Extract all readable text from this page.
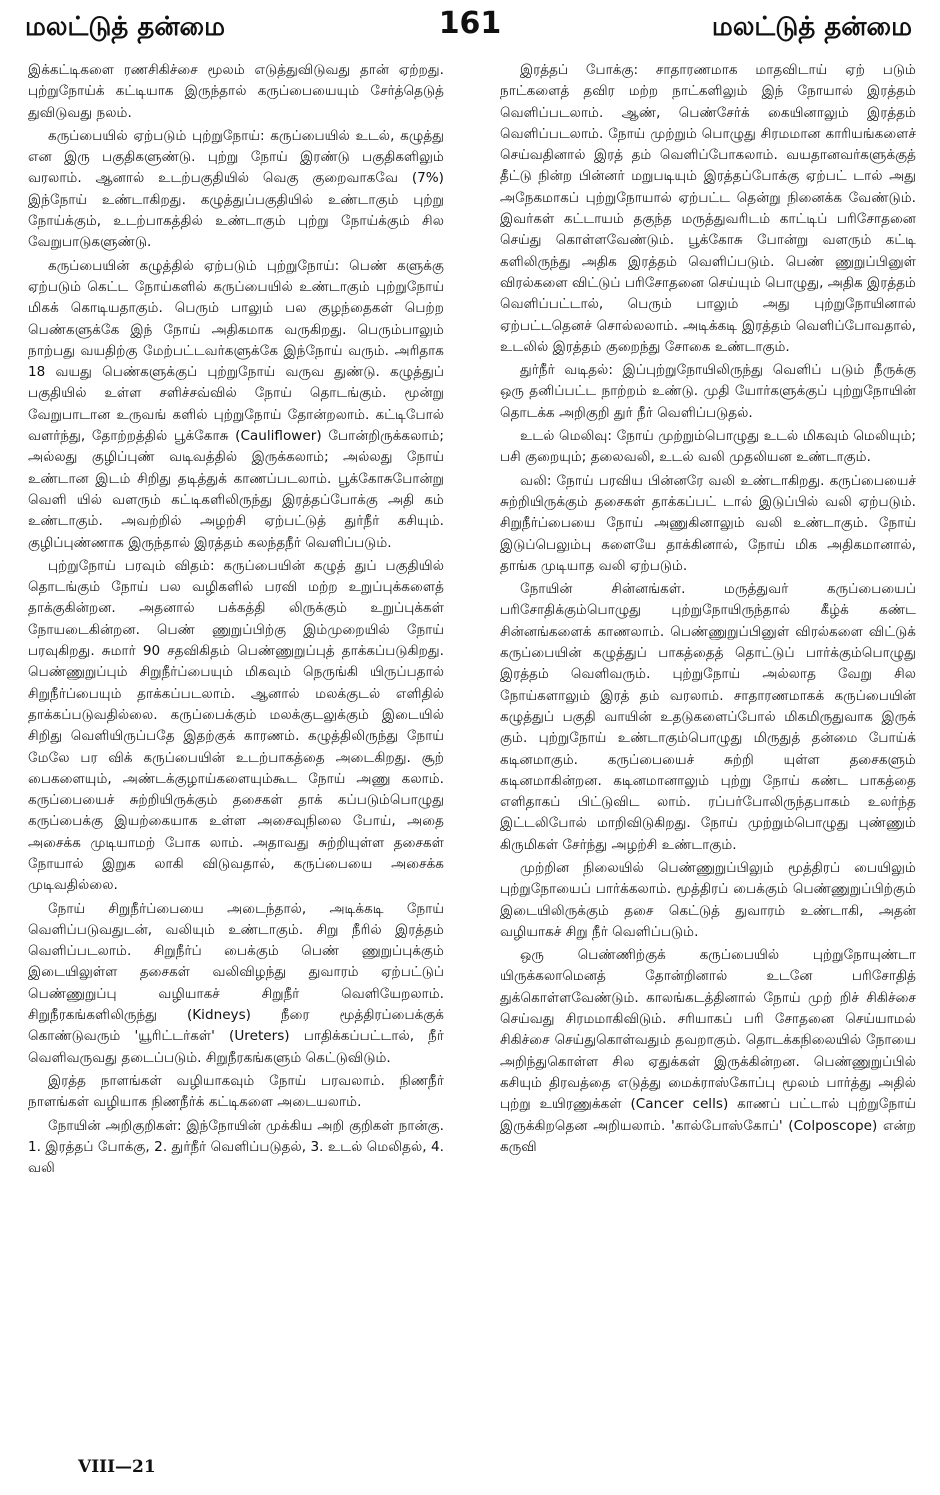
மலட்டுத் தன்மை	161	மலட்டுத் தன்மை

இக்கட்டிகளை ரணசிகிச்சை மூலம் எடுத்துவிடுவது தான் ஏற்றது. புற்றுநோய்க் கட்டியாக இருந்தால் கருப்பையையும் சேர்த்தெடுத் துவிடுவது நலம்.

கருப்பையில் ஏற்படும் புற்றுநோய்: கருப்பையில் உடல், கழுத்து என இரு பகுதிகளுண்டு. புற்று நோய் இரண்டு பகுதிகளிலும் வரலாம். ஆனால் உடற்பகுதியில் வெகு குறைவாகவே (7%) இந்நோய் உண்டாகிறது. கழுத்துப்பகுதியில் உண்டாகும் புற்று நோய்க்கும், உடற்பாகத்தில் உண்டாகும் புற்று நோய்க்கும் சில வேறுபாடுகளுண்டு.

கருப்பையின் கழுத்தில் ஏற்படும் புற்றுநோய்: பெண் களுக்கு ஏற்படும் கெட்ட நோய்களில் கருப்பையில் உண்டாகும் புற்றுநோய் மிகக் கொடியதாகும். பெரும் பாலும் பல குழந்தைகள் பெற்ற பெண்களுக்கே இந் நோய் அதிகமாக வருகிறது. பெரும்பாலும் நாற்பது வயதிற்கு மேற்பட்டவர்களுக்கே இந்நோய் வரும். அரிதாக 18 வயது பெண்களுக்குப் புற்றுநோய் வருவ துண்டு. கழுத்துப் பகுதியில் உள்ள சளிச்சவ்வில் நோய் தொடங்கும். மூன்று வேறுபாடான உருவங் களில் புற்றுநோய் தோன்றலாம். கட்டிபோல் வளர்ந்து, தோற்றத்தில் பூக்கோசு (Cauliflower) போன்றிருக்கலாம்; அல்லது குழிப்புண் வடிவத்தில் இருக்கலாம்; அல்லது நோய் உண்டான இடம் சிறிது தடித்துக் காணப்படலாம். பூக்கோசுபோன்று வெளி யில் வளரும் கட்டிகளிலிருந்து இரத்தப்போக்கு அதி கம் உண்டாகும். அவற்றில் அழற்சி ஏற்பட்டுத் துர்நீர் கசியும். குழிப்புண்ணாக இருந்தால் இரத்தம் கலந்தநீர் வெளிப்படும்.

புற்றுநோய் பரவும் விதம்: கருப்பையின் கழுத் துப் பகுதியில் தொடங்கும் நோய் பல வழிகளில் பரவி மற்ற உறுப்புக்களைத் தாக்குகின்றன. அதனால் பக்கத்தி லிருக்கும் உறுப்புக்கள் நோயடைகின்றன. பெண் ணுறுப்பிற்கு இம்முறையில் நோய் பரவுகிறது. சுமார் 90 சதவிகிதம் பெண்ணுறுப்புத் தாக்கப்படுகிறது. பெண்ணுறுப்பும் சிறுநீர்ப்பையும் மிகவும் நெருங்கி யிருப்பதால் சிறுநீர்ப்பையும் தாக்கப்படலாம். ஆனால் மலக்குடல் எளிதில் தாக்கப்படுவதில்லை. கருப்பைக்கும் மலக்குடலுக்கும் இடையில் சிறிது வெளியிருப்பதே இதற்குக் காரணம். கழுத்திலிருந்து நோய் மேலே பர விக் கருப்பையின் உடற்பாகத்தை அடைகிறது. சூற் பைகளையும், அண்டக்குழாய்களையும்கூட நோய் அணு கலாம். கருப்பையைச் சுற்றியிருக்கும் தசைகள் தாக் கப்படும்பொழுது கருப்பைக்கு இயற்கையாக உள்ள அசைவுநிலை போய், அதை அசைக்க முடியாமற் போக லாம். அதாவது சுற்றியுள்ள தசைகள் நோயால் இறுக லாகி விடுவதால், கருப்பையை அசைக்க முடிவதில்லை.

நோய் சிறுநீர்ப்பையை அடைந்தால், அடிக்கடி நோய் வெளிப்படுவதுடன், வலியும் உண்டாகும். சிறு நீரில் இரத்தம் வெளிப்படலாம். சிறுநீர்ப் பைக்கும் பெண் ணுறுப்புக்கும் இடையிலுள்ள தசைகள் வலிவிழந்து துவாரம் ஏற்பட்டுப் பெண்ணுறுப்பு வழியாகச் சிறுநீர் வெளியேறலாம். சிறுநீரகங்களிலிருந்து (Kidneys) நீரை மூத்திரப்பைக்குக் கொண்டுவரும் 'யூரிட்டர்கள்' (Ureters) பாதிக்கப்பட்டால், நீர் வெளிவருவது தடைப்படும். சிறுநீரகங்களும் கெட்டுவிடும்.

இரத்த நாளங்கள் வழியாகவும் நோய் பரவலாம். நிணநீர் நாளங்கள் வழியாக நிணநீர்க் கட்டிகளை அடையலாம்.

நோயின் அறிகுறிகள்: இந்நோயின் முக்கிய அறி குறிகள் நான்கு. 1. இரத்தப் போக்கு, 2. துர்நீர் வெளிப்படுதல், 3. உடல் மெலிதல், 4. வலி

இரத்தப் போக்கு: சாதாரணமாக மாதவிடாய் ஏற் படும் நாட்களைத் தவிர மற்ற நாட்களிலும் இந் நோயால் இரத்தம் வெளிப்படலாம். ஆண், பெண்சேர்க் கையினாலும் இரத்தம் வெளிப்படலாம். நோய் முற்றும் பொழுது சிரமமான காரியங்களைச் செய்வதினால் இரத் தம் வெளிப்போகலாம். வயதானவர்களுக்குத் தீட்டு நின்ற பின்னர் மறுபடியும் இரத்தப்போக்கு ஏற்பட் டால் அது அநேகமாகப் புற்றுநோயால் ஏற்பட்ட தென்று நினைக்க வேண்டும். இவர்கள் கட்டாயம் தகுந்த மருத்துவரிடம் காட்டிப் பரிசோதனை செய்து கொள்ளவேண்டும். பூக்கோசு போன்று வளரும் கட்டி களிலிருந்து அதிக இரத்தம் வெளிப்படும். பெண் ணுறுப்பினுள் விரல்களை விட்டுப் பரிசோதனை செய்யும் பொழுது, அதிக இரத்தம் வெளிப்பட்டால், பெரும் பாலும் அது புற்றுநோயினால் ஏற்பட்டதெனச் சொல்லலாம். அடிக்கடி இரத்தம் வெளிப்போவதால், உடலில் இரத்தம் குறைந்து சோகை உண்டாகும்.

துர்நீர் வடிதல்: இப்புற்றுநோயிலிருந்து வெளிப் படும் நீருக்கு ஒரு தனிப்பட்ட நாற்றம் உண்டு. முதி யோர்களுக்குப் புற்றுநோயின் தொடக்க அறிகுறி துர் நீர் வெளிப்படுதல்.

உடல் மெலிவு: நோய் முற்றும்பொழுது உடல் மிகவும் மெலியும்; பசி குறையும்; தலைவலி, உடல் வலி முதலியன உண்டாகும்.

வலி: நோய் பரவிய பின்னரே வலி உண்டாகிறது. கருப்பையைச் சுற்றியிருக்கும் தசைகள் தாக்கப்பட் டால் இடுப்பில் வலி ஏற்படும். சிறுநீர்ப்பையை நோய் அணுகினாலும் வலி உண்டாகும். நோய் இடுப்பெலும்பு களையே தாக்கினால், நோய் மிக அதிகமானால், தாங்க முடியாத வலி ஏற்படும்.

நோயின் சின்னங்கள். மருத்துவர் கருப்பையைப் பரிசோதிக்கும்பொழுது புற்றுநோயிருந்தால் கீழ்க் கண்ட சின்னங்களைக் காணலாம். பெண்ணுறுப்பினுள் விரல்களை விட்டுக் கருப்பையின் கழுத்துப் பாகத்தைத் தொட்டுப் பார்க்கும்பொழுது இரத்தம் வெளிவரும். புற்றுநோய் அல்லாத வேறு சில நோய்களாலும் இரத் தம் வரலாம். சாதாரணமாகக் கருப்பையின் கழுத்துப் பகுதி வாயின் உதடுகளைப்போல் மிகமிருதுவாக இருக் கும். புற்றுநோய் உண்டாகும்பொழுது மிருதுத் தன்மை போய்க் கடினமாகும். கருப்பையைச் சுற்றி யுள்ள தசைகளும் கடினமாகின்றன. கடினமானாலும் புற்று நோய் கண்ட பாகத்தை எளிதாகப் பிட்டுவிட லாம். ரப்பர்போலிருந்தபாகம் உலர்ந்த இட்டலிபோல் மாறிவிடுகிறது. நோய் முற்றும்பொழுது புண்ணும் கிருமிகள் சேர்ந்து அழற்சி உண்டாகும்.

முற்றின நிலையில் பெண்ணுறுப்பிலும் மூத்திரப் பையிலும் புற்றுநோயைப் பார்க்கலாம். மூத்திரப் பைக்கும் பெண்ணுறுப்பிற்கும் இடையிலிருக்கும் தசை கெட்டுத் துவாரம் உண்டாகி, அதன் வழியாகச் சிறு நீர் வெளிப்படும்.

ஒரு பெண்ணிற்குக் கருப்பையில் புற்றுநோயுண்டா யிருக்கலாமெனத் தோன்றினால் உடனே பரிசோதித் துக்கொள்ளவேண்டும். காலங்கடத்தினால் நோய் முற் றிச் சிகிச்சை செய்வது சிரமமாகிவிடும். சரியாகப் பரி சோதனை செய்யாமல் சிகிச்சை செய்துகொள்வதும் தவறாகும். தொடக்கநிலையில் நோயை அறிந்துகொள்ள சில ஏதுக்கள் இருக்கின்றன. பெண்ணுறுப்பில் கசியும் திரவத்தை எடுத்து மைக்ராஸ்கோப்பு மூலம் பார்த்து அதில் புற்று உயிரணுக்கள் (Cancer cells) காணப் பட்டால் புற்றுநோய் இருக்கிறதென அறியலாம். 'கால்போஸ்கோப்' (Colposcope) என்ற கருவி

VIII—21
